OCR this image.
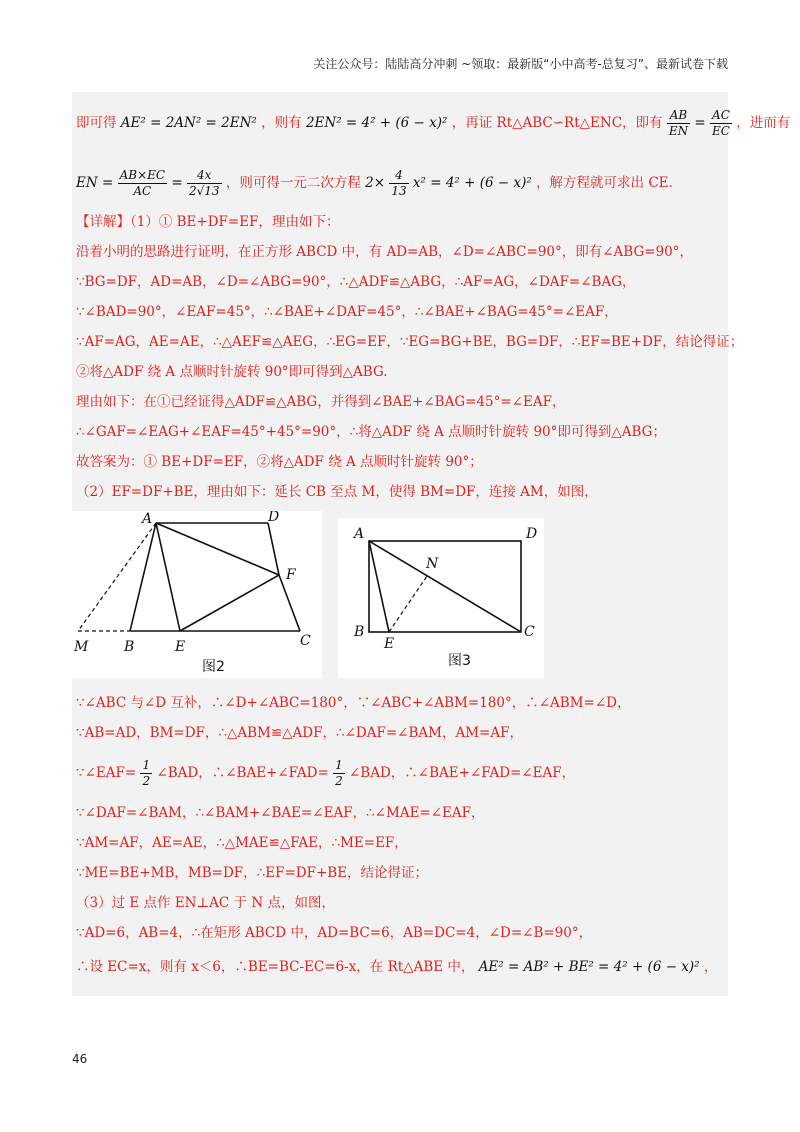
关注公众号：陆陆高分冲刺 ~领取：最新版“小中高考-总复习”、最新试卷下载
即可得 AE² = 2AN² = 2EN² ，则有 2EN² = 4² + (6 − x)² ，再证 Rt△ABC∽Rt△ENC，即有 $\frac{AB}{EN} = \frac{AC}{EC}$ ，进而有
EN = $\frac{AB\times EC}{AC} = \frac{4x}{2√13}$ ，则可得一元二次方程 $2\times \frac{4}{13} x^2 = 4^2 + (6 - x)^2$ ，解方程就可求出 CE.
【详解】（1）① BE+DF=EF，理由如下：
沿着小明的思路进行证明，在正方形 ABCD 中，有 AD=AB，∠D=∠ABC=90°，即有∠ABG=90°，
∵BG=DF，AD=AB，∠D=∠ABG=90°，∴△ADF≌△ABG，∴AF=AG，∠DAF=∠BAG，
∵∠BAD=90°，∠EAF=45°，∴∠BAE+∠DAF=45°，∴∠BAE+∠BAG=45°=∠EAF，
∵AF=AG，AE=AE，∴△AEF≌△AEG，∴EG=EF，∵EG=BG+BE，BG=DF，∴EF=BE+DF，结论得证；
②将△ADF 绕 A 点顺时针旋转 90°即可得到△ABG.
理由如下：在①已经证得△ADF≌△ABG，并得到∠BAE+∠BAG=45°=∠EAF，
∴∠GAF=∠EAG+∠EAF=45°+45°=90°，∴将△ADF 绕 A 点顺时针旋转 90°即可得到△ABG；
故答案为：① BE+DF=EF，②将△ADF 绕 A 点顺时针旋转 90°；
（2）EF=DF+BE，理由如下：延长 CB 至点 M，使得 BM=DF，连接 AM，如图，
A	D
F
M	B	E	C
图2
A	D
N
B
E
C
图3
∵∠ABC 与∠D 互补，∴∠D+∠ABC=180°，∵∠ABC+∠ABM=180°，∴∠ABM=∠D，
∵AB=AD，BM=DF，∴△ABM≌△ADF，∴∠DAF=∠BAM，AM=AF，
∵∠EAF= $\frac{1}{2}$ ∠BAD，∴∠BAE+∠FAD= $\frac{1}{2}$ ∠BAD，∴∠BAE+∠FAD=∠EAF，
∵∠DAF=∠BAM，∴∠BAM+∠BAE=∠EAF，∴∠MAE=∠EAF，
∵AM=AF，AE=AE，∴△MAE≌△FAE，∴ME=EF，
∵ME=BE+MB，MB=DF，∴EF=DF+BE，结论得证；
（3）过 E 点作 EN⊥AC 于 N 点，如图，
∵AD=6，AB=4，∴在矩形 ABCD 中，AD=BC=6，AB=DC=4，∠D=∠B=90°，
∴设 EC=x，则有 x＜6，∴BE=BC-EC=6-x，在 Rt△ABE 中， AE² = AB² + BE² = 4² + (6 − x)² ，
46
